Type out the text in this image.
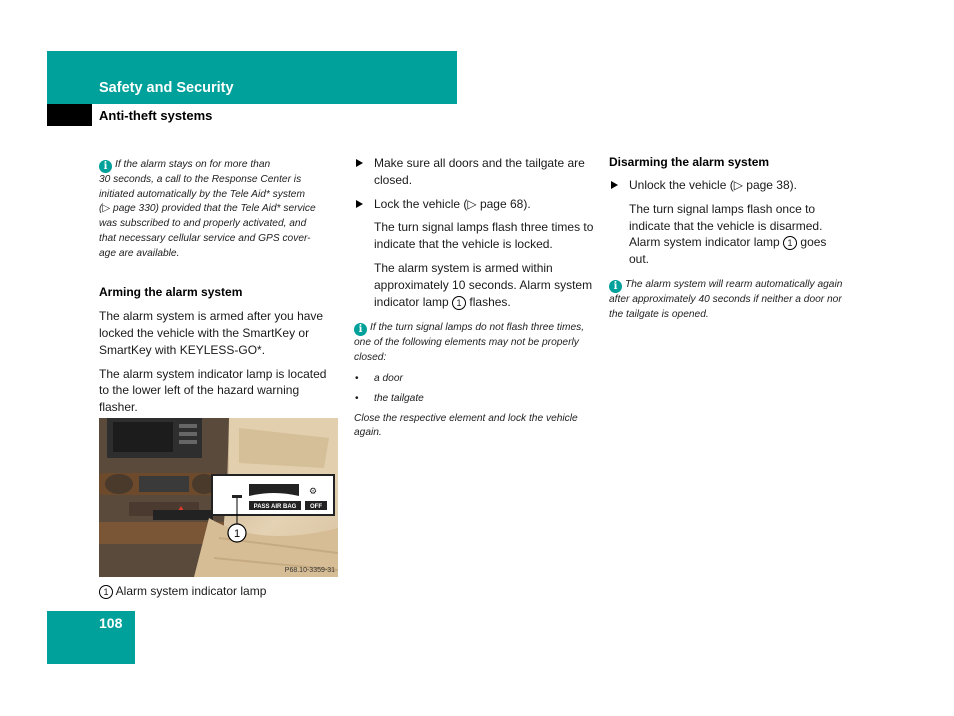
Safety and Security
Anti-theft systems

i If the alarm stays on for more than
30 seconds, a call to the Response Center is
initiated automatically by the Tele Aid* system
(▷ page 330) provided that the Tele Aid* service
was subscribed to and properly activated, and
that necessary cellular service and GPS cover-
age are available.

Arming the alarm system

The alarm system is armed after you have locked the vehicle with the SmartKey or SmartKey with KEYLESS-GO*.

The alarm system indicator lamp is located to the lower left of the hazard warning flasher.

PASS AIR BAG OFF
⚙
1
P68.10-3359-31
1 Alarm system indicator lamp

Make sure all doors and the tailgate are closed.

Lock the vehicle (▷ page 68).

The turn signal lamps flash three times to indicate that the vehicle is locked.

The alarm system is armed within approximately 10 seconds. Alarm system indicator lamp 1 flashes.

i If the turn signal lamps do not flash three times, one of the following elements may not be properly closed:

• a door

• the tailgate

Close the respective element and lock the vehicle again.

Disarming the alarm system

Unlock the vehicle (▷ page 38).

The turn signal lamps flash once to indicate that the vehicle is disarmed. Alarm system indicator lamp 1 goes out.

i The alarm system will rearm automatically again after approximately 40 seconds if neither a door nor the tailgate is opened.

108
